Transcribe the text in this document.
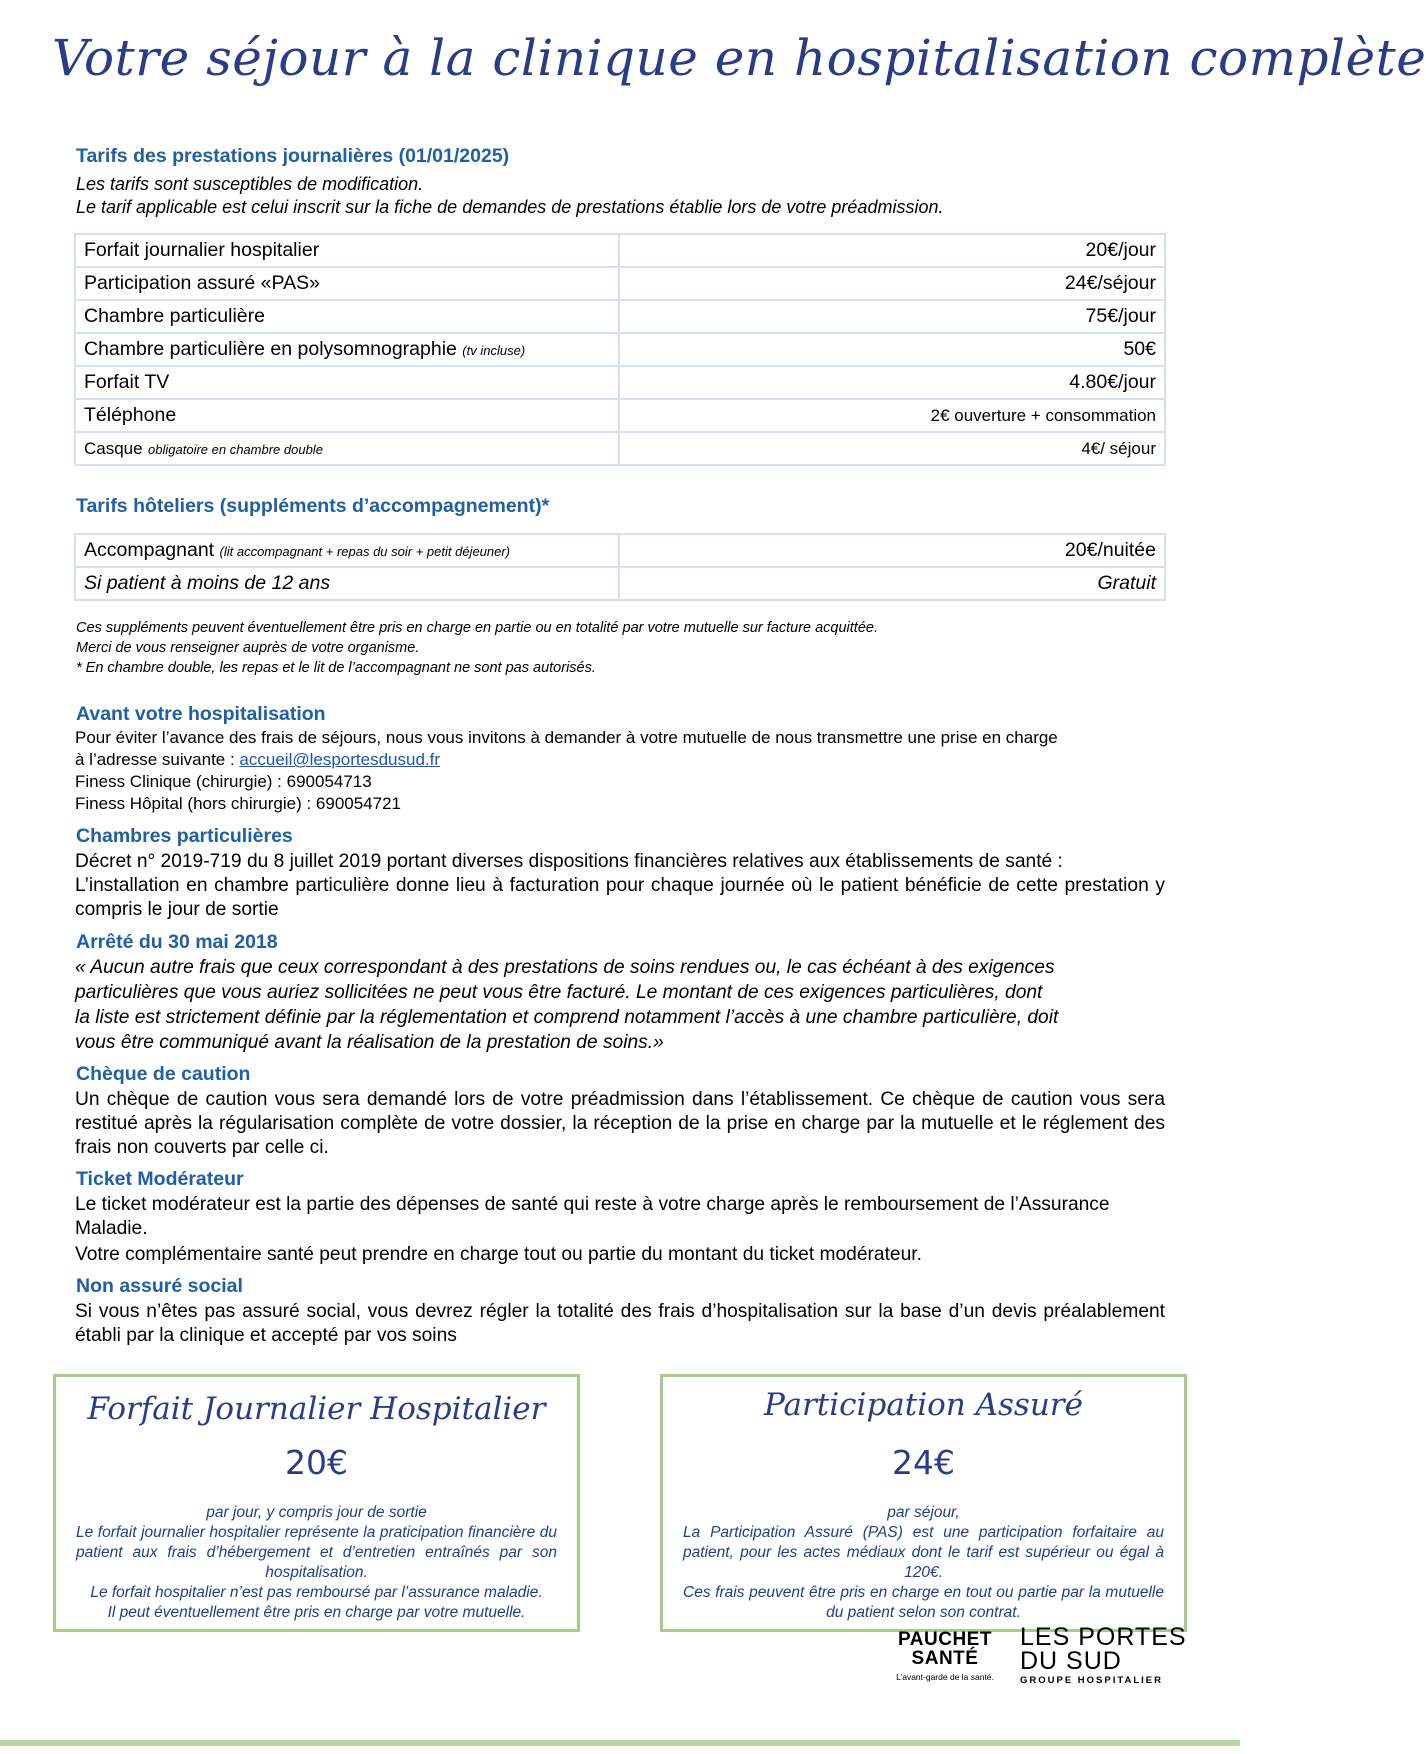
Votre séjour à la clinique en hospitalisation complète
Tarifs des prestations journalières (01/01/2025)
Les tarifs sont susceptibles de modification.
Le tarif applicable est celui inscrit sur la fiche de demandes de prestations établie lors de votre préadmission.
Forfait journalier hospitalier	20€/jour
Participation assuré «PAS»	24€/séjour
Chambre particulière	75€/jour
Chambre particulière en polysomnographie (tv incluse)	50€
Forfait TV	4.80€/jour
Téléphone	2€ ouverture + consommation
Casque obligatoire en chambre double	4€/ séjour
Tarifs hôteliers (suppléments d’accompagnement)*
Accompagnant (lit accompagnant + repas du soir + petit déjeuner)	20€/nuitée
Si patient à moins de 12 ans	Gratuit
Ces suppléments peuvent éventuellement être pris en charge en partie ou en totalité par votre mutuelle sur facture acquittée.
Merci de vous renseigner auprès de votre organisme.
* En chambre double, les repas et le lit de l’accompagnant ne sont pas autorisés.
Avant votre hospitalisation
Pour éviter l’avance des frais de séjours, nous vous invitons à demander à votre mutuelle de nous transmettre une prise en charge
à l’adresse suivante : accueil@lesportesdusud.fr
Finess Clinique (chirurgie) : 690054713
Finess Hôpital (hors chirurgie) : 690054721
Chambres particulières
Décret n° 2019-719 du 8 juillet 2019 portant diverses dispositions financières relatives aux établissements de santé :
L’installation en chambre particulière donne lieu à facturation pour chaque journée où le patient bénéficie de cette prestation y compris le jour de sortie
Arrêté du 30 mai 2018
« Aucun autre frais que ceux correspondant à des prestations de soins rendues ou, le cas échéant à des exigences
particulières que vous auriez sollicitées ne peut vous être facturé. Le montant de ces exigences particulières, dont
la liste est strictement définie par la réglementation et comprend notamment l’accès à une chambre particulière, doit
vous être communiqué avant la réalisation de la prestation de soins.»
Chèque de caution
Un chèque de caution vous sera demandé lors de votre préadmission dans l’établissement. Ce chèque de caution vous sera restitué après la régularisation complète de votre dossier, la réception de la prise en charge par la mutuelle et le réglement des frais non couverts par celle ci.
Ticket Modérateur
Le ticket modérateur est la partie des dépenses de santé qui reste à votre charge après le remboursement de l’Assurance Maladie.
Votre complémentaire santé peut prendre en charge tout ou partie du montant du ticket modérateur.
Non assuré social
Si vous n’êtes pas assuré social, vous devrez régler la totalité des frais d’hospitalisation sur la base d’un devis préalablement établi par la clinique et accepté par vos soins
Forfait Journalier Hospitalier
20€
par jour, y compris jour de sortie
Le forfait journalier hospitalier représente la praticipation financière du patient aux frais d’hébergement et d’entretien entraînés par son hospitalisation.
Le forfait hospitalier n’est pas remboursé par l’assurance maladie.
Il peut éventuellement être pris en charge par votre mutuelle.
Participation Assuré
24€
par séjour,
La Participation Assuré (PAS) est une participation forfaitaire au patient, pour les actes médiaux dont le tarif est supérieur ou égal à 120€.
Ces frais peuvent être pris en charge en tout ou partie par la mutuelle du patient selon son contrat.
PAUCHET
SANTÉ
L’avant-garde de la santé.
LES PORTES
DU SUD
GROUPE HOSPITALIER
